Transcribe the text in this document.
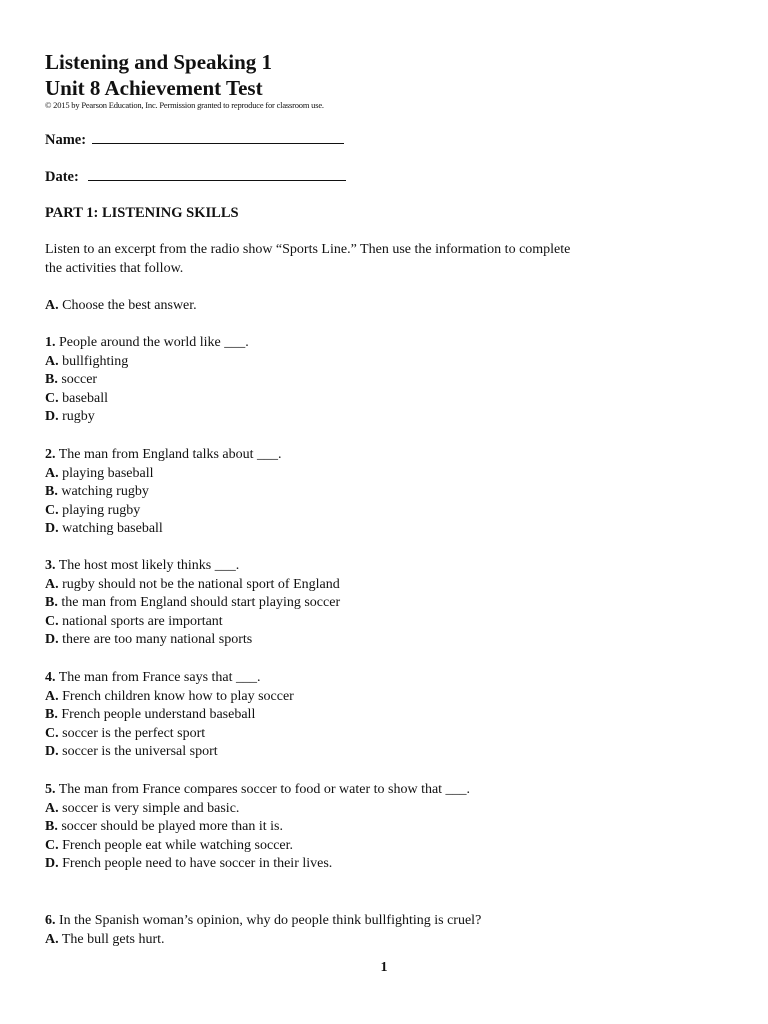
Listening and Speaking 1
Unit 8 Achievement Test
© 2015 by Pearson Education, Inc. Permission granted to reproduce for classroom use.
Name:
Date:
PART 1: LISTENING SKILLS
Listen to an excerpt from the radio show “Sports Line.” Then use the information to complete
the activities that follow.
A. Choose the best answer.
1. People around the world like ___.
A. bullfighting
B. soccer
C. baseball
D. rugby
2. The man from England talks about ___.
A. playing baseball
B. watching rugby
C. playing rugby
D. watching baseball
3. The host most likely thinks ___.
A. rugby should not be the national sport of England
B. the man from England should start playing soccer
C. national sports are important
D. there are too many national sports
4. The man from France says that ___.
A. French children know how to play soccer
B. French people understand baseball
C. soccer is the perfect sport
D. soccer is the universal sport
5. The man from France compares soccer to food or water to show that ___.
A. soccer is very simple and basic.
B. soccer should be played more than it is.
C. French people eat while watching soccer.
D. French people need to have soccer in their lives.
6. In the Spanish woman’s opinion, why do people think bullfighting is cruel?
A. The bull gets hurt.
1
